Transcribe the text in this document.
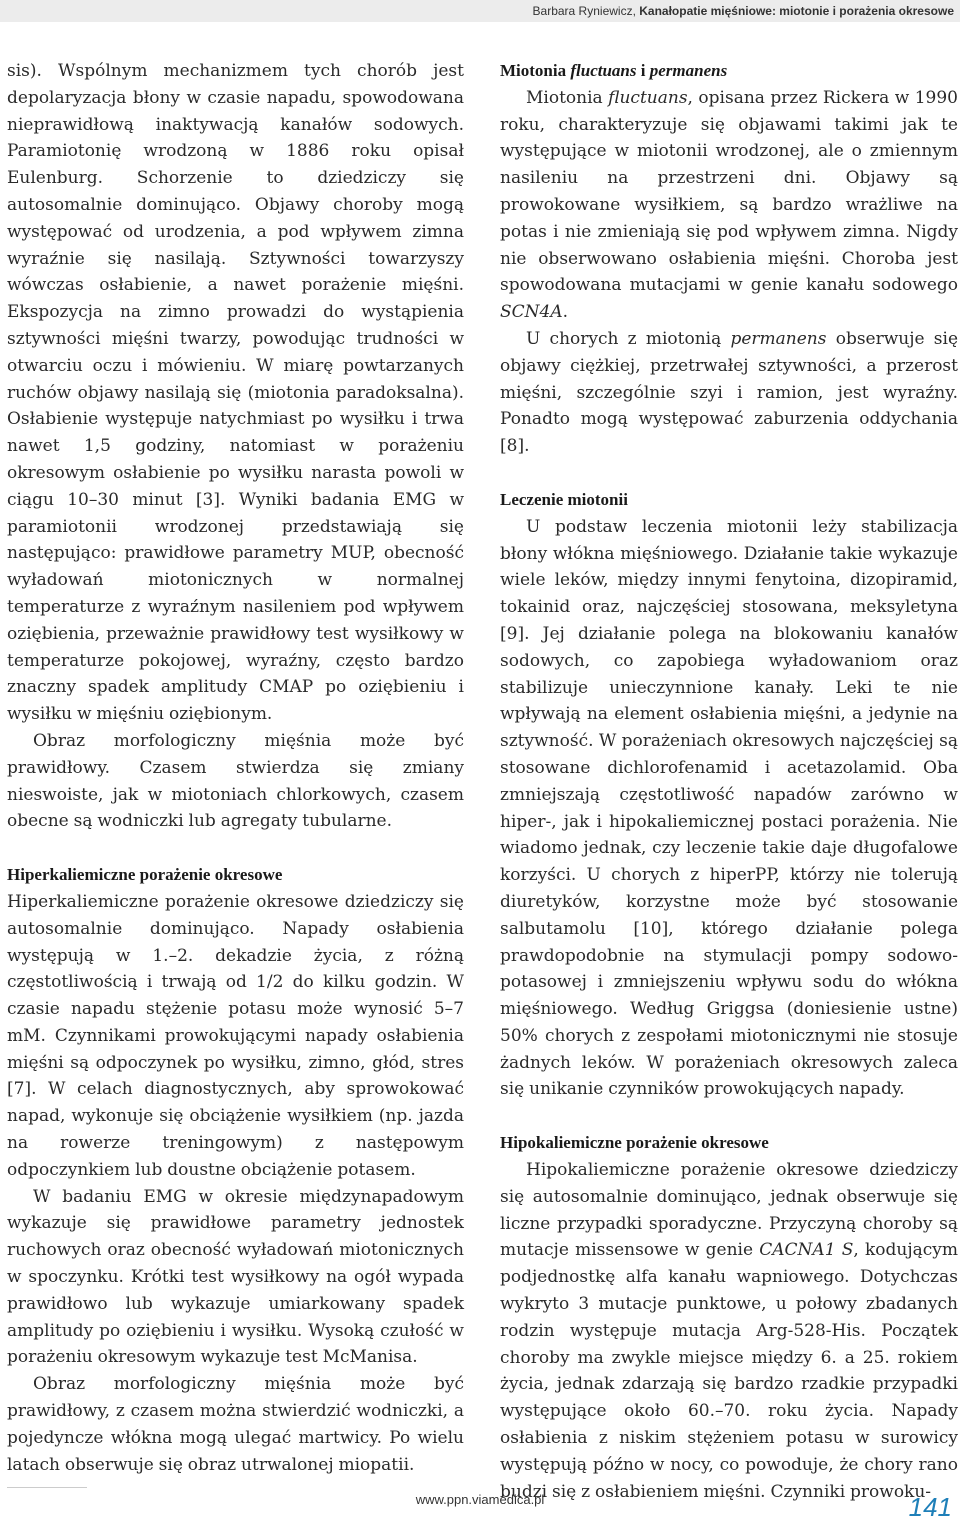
Barbara Ryniewicz, Kanałopatie mięśniowe: miotonie i porażenia okresowe

sis). Wspólnym mechanizmem tych chorób jest depolaryzacja błony w czasie napadu, spowodowana nieprawidłową inaktywacją kanałów sodowych. Paramiotonię wrodzoną w 1886 roku opisał Eulenburg. Schorzenie to dziedziczy się autosomalnie dominująco. Objawy choroby mogą występować od urodzenia, a pod wpływem zimna wyraźnie się nasilają. Sztywności towarzyszy wówczas osłabienie, a nawet porażenie mięśni. Ekspozycja na zimno prowadzi do wystąpienia sztywności mięśni twarzy, powodując trudności w otwarciu oczu i mówieniu. W miarę powtarzanych ruchów objawy nasilają się (miotonia paradoksalna). Osłabienie występuje natychmiast po wysiłku i trwa nawet 1,5 godziny, natomiast w porażeniu okresowym osłabienie po wysiłku narasta powoli w ciągu 10–30 minut [3]. Wyniki badania EMG w paramiotonii wrodzonej przedstawiają się następująco: prawidłowe parametry MUP, obecność wyładowań miotonicznych w normalnej temperaturze z wyraźnym nasileniem pod wpływem oziębienia, przeważnie prawidłowy test wysiłkowy w temperaturze pokojowej, wyraźny, często bardzo znaczny spadek amplitudy CMAP po oziębieniu i wysiłku w mięśniu oziębionym.

Obraz morfologiczny mięśnia może być prawidłowy. Czasem stwierdza się zmiany nieswoiste, jak w miotoniach chlorkowych, czasem obecne są wodniczki lub agregaty tubularne.

Hiperkaliemiczne porażenie okresowe

Hiperkaliemiczne porażenie okresowe dziedziczy się autosomalnie dominująco. Napady osłabienia występują w 1.–2. dekadzie życia, z różną częstotliwością i trwają od 1/2 do kilku godzin. W czasie napadu stężenie potasu może wynosić 5–7 mM. Czynnikami prowokującymi napady osłabienia mięśni są odpoczynek po wysiłku, zimno, głód, stres [7]. W celach diagnostycznych, aby sprowokować napad, wykonuje się obciążenie wysiłkiem (np. jazda na rowerze treningowym) z następowym odpoczynkiem lub doustne obciążenie potasem.

W badaniu EMG w okresie międzynapadowym wykazuje się prawidłowe parametry jednostek ruchowych oraz obecność wyładowań miotonicznych w spoczynku. Krótki test wysiłkowy na ogół wypada prawidłowo lub wykazuje umiarkowany spadek amplitudy po oziębieniu i wysiłku. Wysoką czułość w porażeniu okresowym wykazuje test McManisa.

Obraz morfologiczny mięśnia może być prawidłowy, z czasem można stwierdzić wodniczki, a pojedyncze włókna mogą ulegać martwicy. Po wielu latach obserwuje się obraz utrwalonej miopatii.

Miotonia fluctuans i permanens

Miotonia fluctuans, opisana przez Rickera w 1990 roku, charakteryzuje się objawami takimi jak te występujące w miotonii wrodzonej, ale o zmiennym nasileniu na przestrzeni dni. Objawy są prowokowane wysiłkiem, są bardzo wrażliwe na potas i nie zmieniają się pod wpływem zimna. Nigdy nie obserwowano osłabienia mięśni. Choroba jest spowodowana mutacjami w genie kanału sodowego SCN4A.

U chorych z miotonią permanens obserwuje się objawy ciężkiej, przetrwałej sztywności, a przerost mięśni, szczególnie szyi i ramion, jest wyraźny. Ponadto mogą występować zaburzenia oddychania [8].

Leczenie miotonii

U podstaw leczenia miotonii leży stabilizacja błony włókna mięśniowego. Działanie takie wykazuje wiele leków, między innymi fenytoina, dizopiramid, tokainid oraz, najczęściej stosowana, meksyletyna [9]. Jej działanie polega na blokowaniu kanałów sodowych, co zapobiega wyładowaniom oraz stabilizuje unieczynnione kanały. Leki te nie wpływają na element osłabienia mięśni, a jedynie na sztywność. W porażeniach okresowych najczęściej są stosowane dichlorofenamid i acetazolamid. Oba zmniejszają częstotliwość napadów zarówno w hiper-, jak i hipokaliemicznej postaci porażenia. Nie wiadomo jednak, czy leczenie takie daje długofalowe korzyści. U chorych z hiperPP, którzy nie tolerują diuretyków, korzystne może być stosowanie salbutamolu [10], którego działanie polega prawdopodobnie na stymulacji pompy sodowo-potasowej i zmniejszeniu wpływu sodu do włókna mięśniowego. Według Griggsa (doniesienie ustne) 50% chorych z zespołami miotonicznymi nie stosuje żadnych leków. W porażeniach okresowych zaleca się unikanie czynników prowokujących napady.

Hipokaliemiczne porażenie okresowe

Hipokaliemiczne porażenie okresowe dziedziczy się autosomalnie dominująco, jednak obserwuje się liczne przypadki sporadyczne. Przyczyną choroby są mutacje missensowe w genie CACNA1 S, kodującym podjednostkę alfa kanału wapniowego. Dotychczas wykryto 3 mutacje punktowe, u połowy zbadanych rodzin występuje mutacja Arg-528-His. Początek choroby ma zwykle miejsce między 6. a 25. rokiem życia, jednak zdarzają się bardzo rzadkie przypadki występujące około 60.–70. roku życia. Napady osłabienia z niskim stężeniem potasu w surowicy występują późno w nocy, co powoduje, że chory rano budzi się z osłabieniem mięśni. Czynniki prowoku-

www.ppn.viamedica.pl	141
